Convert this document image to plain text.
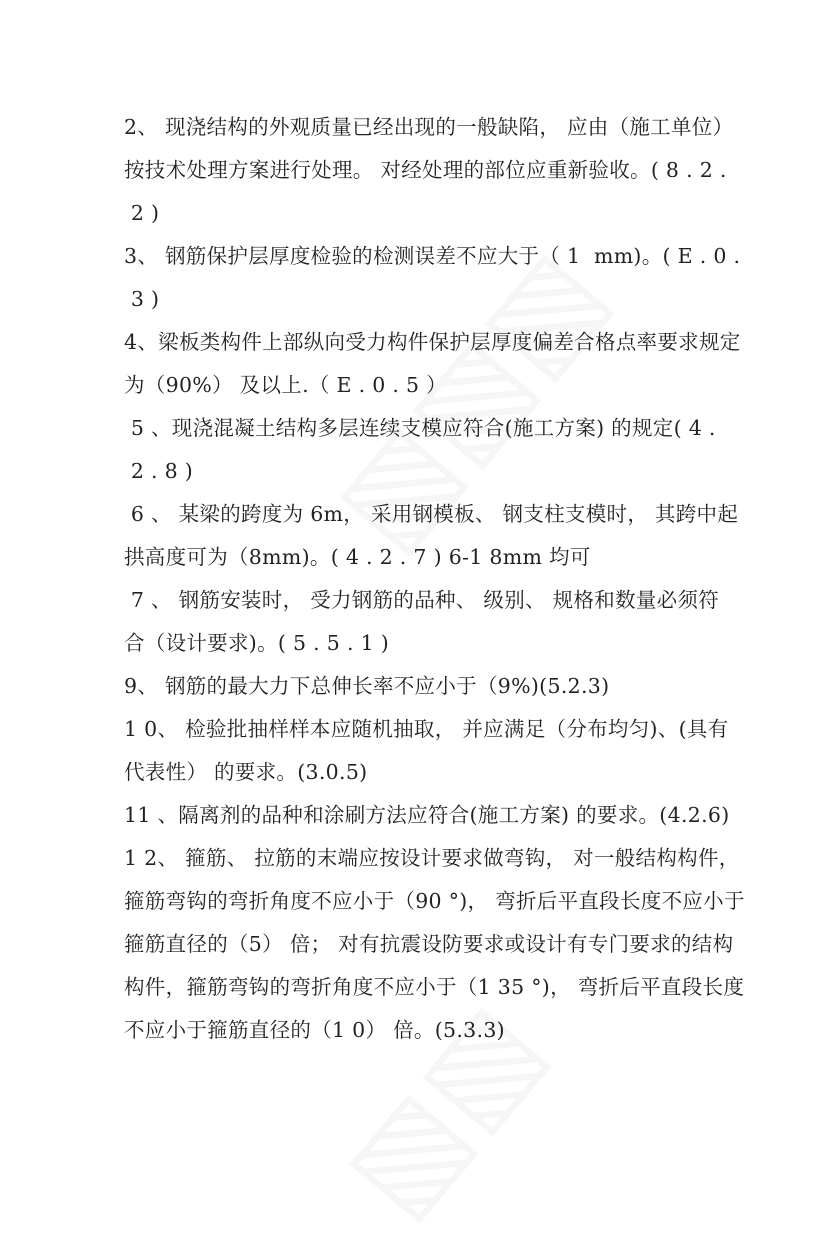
2、 现浇结构的外观质量已经出现的一般缺陷， 应由（施工单位）
按技术处理方案进行处理。 对经处理的部位应重新验收。( 8 . 2 .
2 )
3、 钢筋保护层厚度检验的检测误差不应大于（ 1  mm)。( E . 0 .
3 )
4、梁板类构件上部纵向受力构件保护层厚度偏差合格点率要求规定
为（90%） 及以上.（ E . 0 . 5 ）
5 、现浇混凝土结构多层连续支模应符合(施工方案) 的规定( 4 .
2 . 8 )
6 、 某梁的跨度为 6m， 采用钢模板、 钢支柱支模时， 其跨中起
拱高度可为（8mm)。( 4 . 2 . 7 ) 6-1 8mm 均可
7 、 钢筋安装时， 受力钢筋的品种、 级别、 规格和数量必须符
合（设计要求)。( 5 . 5 . 1 )
9、 钢筋的最大力下总伸长率不应小于（9%)(5.2.3)
1 0、 检验批抽样样本应随机抽取， 并应满足（分布均匀)、(具有
代表性） 的要求。(3.0.5)
11 、隔离剂的品种和涂刷方法应符合(施工方案) 的要求。(4.2.6)
1 2、 箍筋、 拉筋的末端应按设计要求做弯钩， 对一般结构构件，
箍筋弯钩的弯折角度不应小于（90 °)， 弯折后平直段长度不应小于
箍筋直径的（5） 倍； 对有抗震设防要求或设计有专门要求的结构
构件，箍筋弯钩的弯折角度不应小于（1 35 °)， 弯折后平直段长度
不应小于箍筋直径的（1 0） 倍。(5.3.3)
